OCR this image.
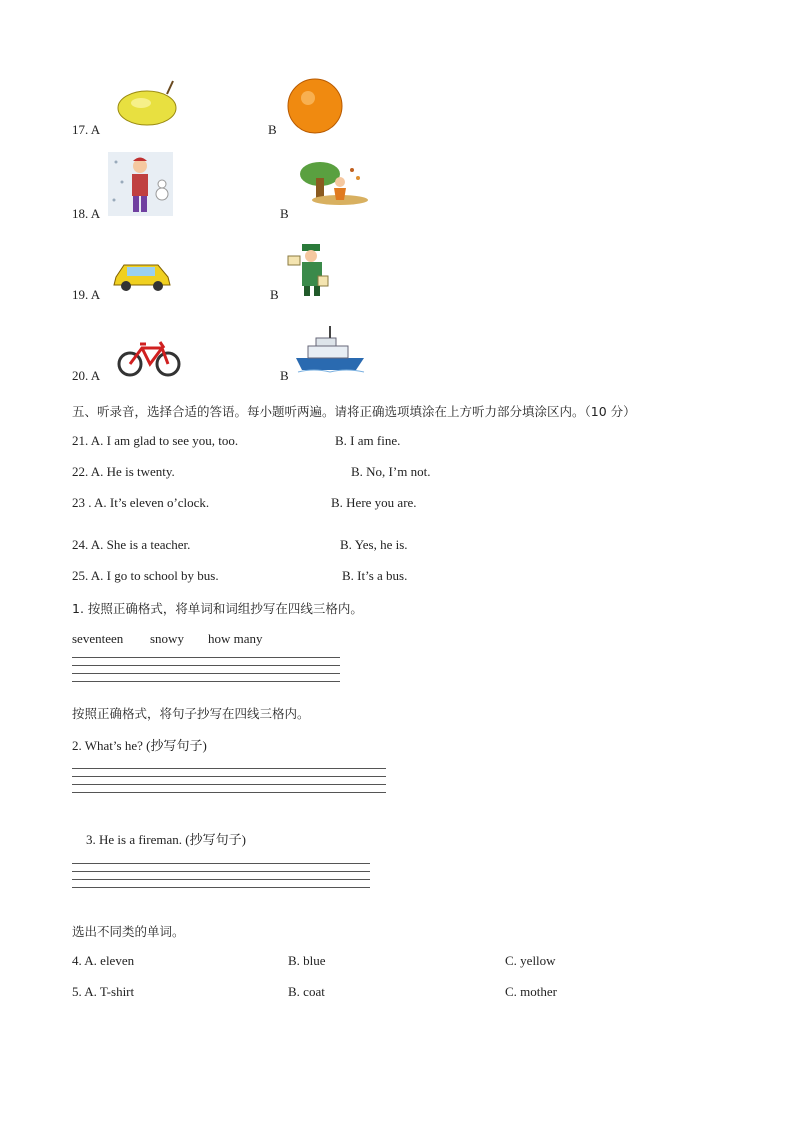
17. A	B
18. A	B
19. A	B
20. A	B
五、听录音，选择合适的答语。每小题听两遍。请将正确选项填涂在上方听力部分填涂区内。（10 分）
21. A. I am glad to see you, too.	B. I am fine.
22. A. He is twenty.	B. No, I’m not.
23 . A. It’s eleven o’clock.	B. Here you are.
24. A. She is a teacher.	B. Yes, he is.
25. A. I go to school by bus.	B. It’s a bus.
1. 按照正确格式，将单词和词组抄写在四线三格内。
seventeen snowy how many
按照正确格式，将句子抄写在四线三格内。
2. What’s he? (抄写句子)
3. He is a fireman. (抄写句子)
选出不同类的单词。
4. A. eleven	B. blue	C. yellow
5. A. T-shirt	B. coat	C. mother
